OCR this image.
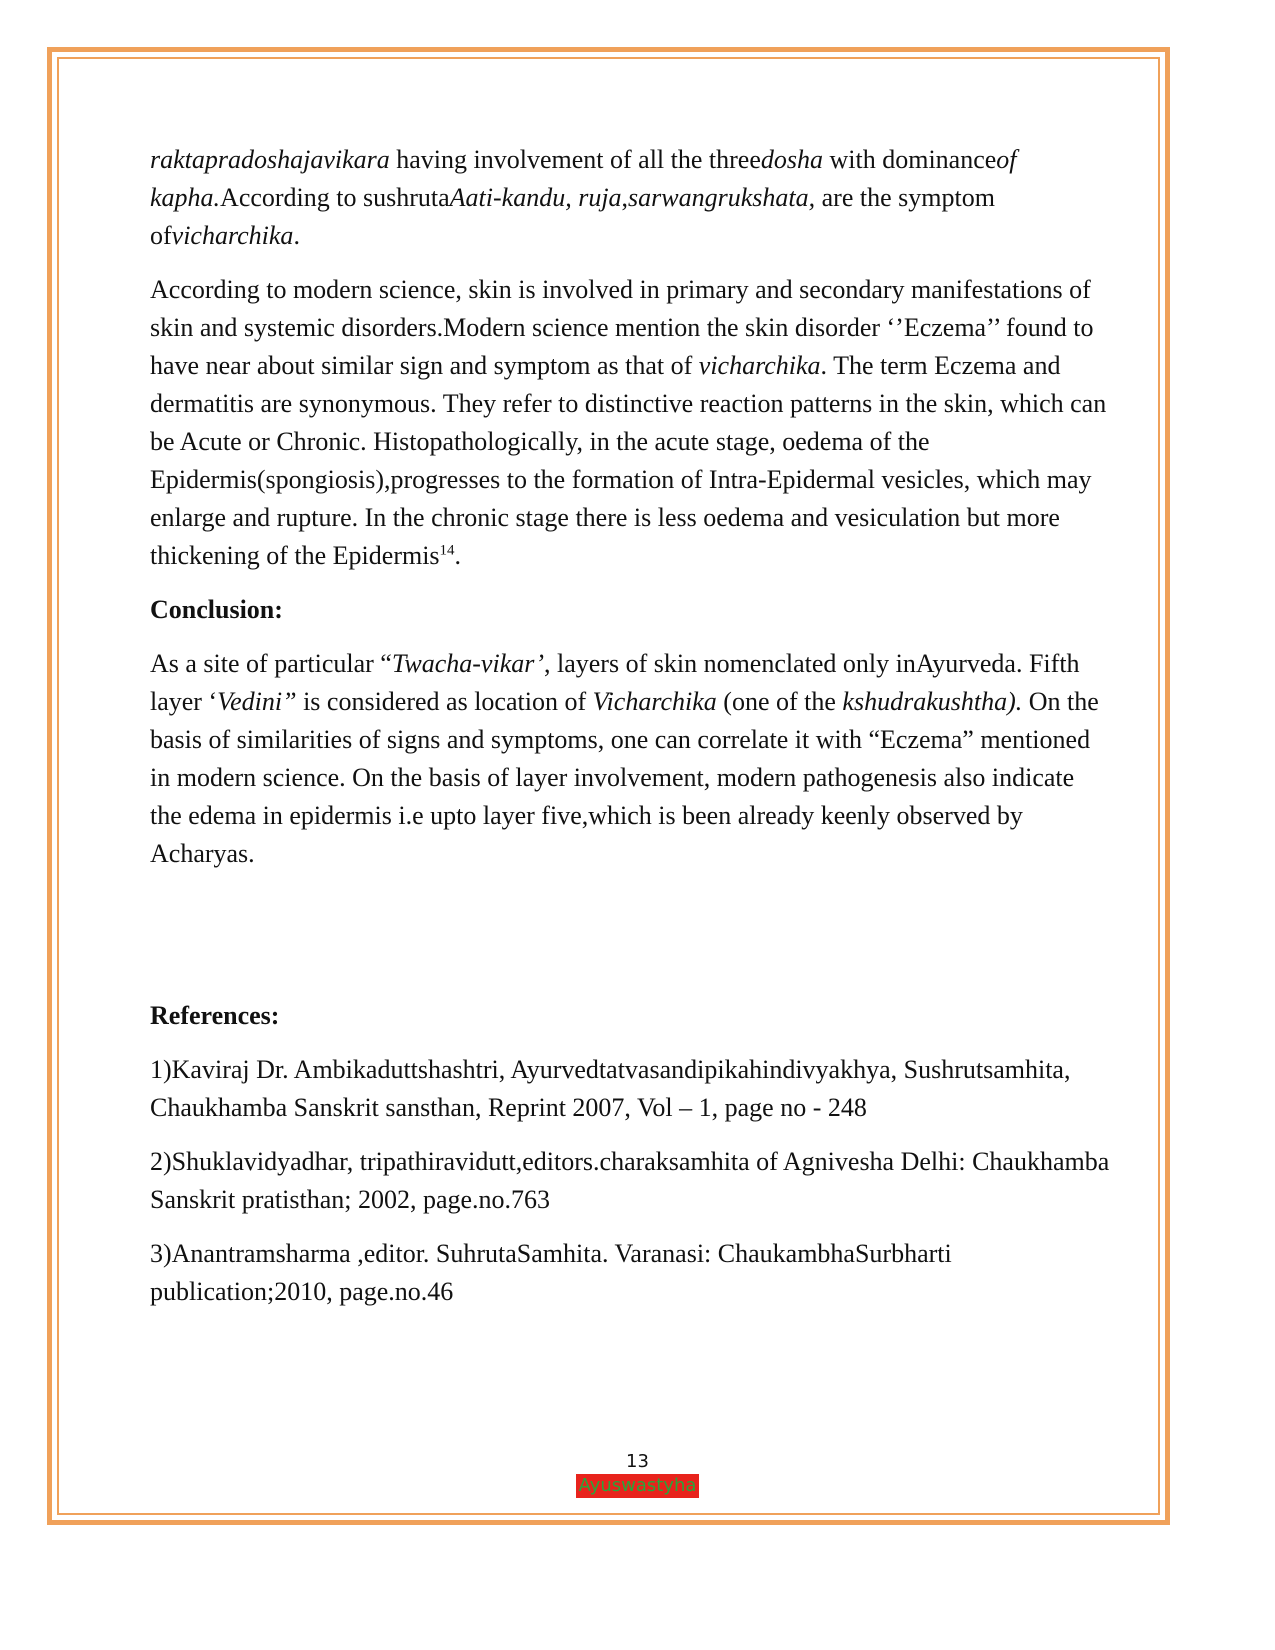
raktapradoshajavikara having involvement of all the threedosha with dominanceof kapha.According to sushrutaAati-kandu, ruja,sarwangrukshata, are the symptom ofvicharchika.

According to modern science, skin is involved in primary and secondary manifestations of skin and systemic disorders.Modern science mention the skin disorder ‘’Eczema’’ found to have near about similar sign and symptom as that of vicharchika. The term Eczema and dermatitis are synonymous. They refer to distinctive reaction patterns in the skin, which can be Acute or Chronic. Histopathologically, in the acute stage, oedema of the Epidermis(spongiosis),progresses to the formation of Intra-Epidermal vesicles, which may enlarge and rupture. In the chronic stage there is less oedema and vesiculation but more thickening of the Epidermis$^{14}$.

Conclusion:

As a site of particular “Twacha-vikar’, layers of skin nomenclated only inAyurveda. Fifth layer ‘Vedini” is considered as location of Vicharchika (one of the kshudrakushtha). On the basis of similarities of signs and symptoms, one can correlate it with “Eczema” mentioned in modern science. On the basis of layer involvement, modern pathogenesis also indicate the edema in epidermis i.e upto layer five,which is been already keenly observed by Acharyas.

References:

1)Kaviraj Dr. Ambikaduttshashtri, Ayurvedtatvasandipikahindivyakhya, Sushrutsamhita, Chaukhamba Sanskrit sansthan, Reprint 2007, Vol – 1, page no - 248

2)Shuklavidyadhar, tripathiravidutt,editors.charaksamhita of Agnivesha Delhi: Chaukhamba Sanskrit pratisthan; 2002, page.no.763

3)Anantramsharma ,editor. SuhrutaSamhita. Varanasi: ChaukambhaSurbharti publication;2010, page.no.46

13
Ayuswastyha
